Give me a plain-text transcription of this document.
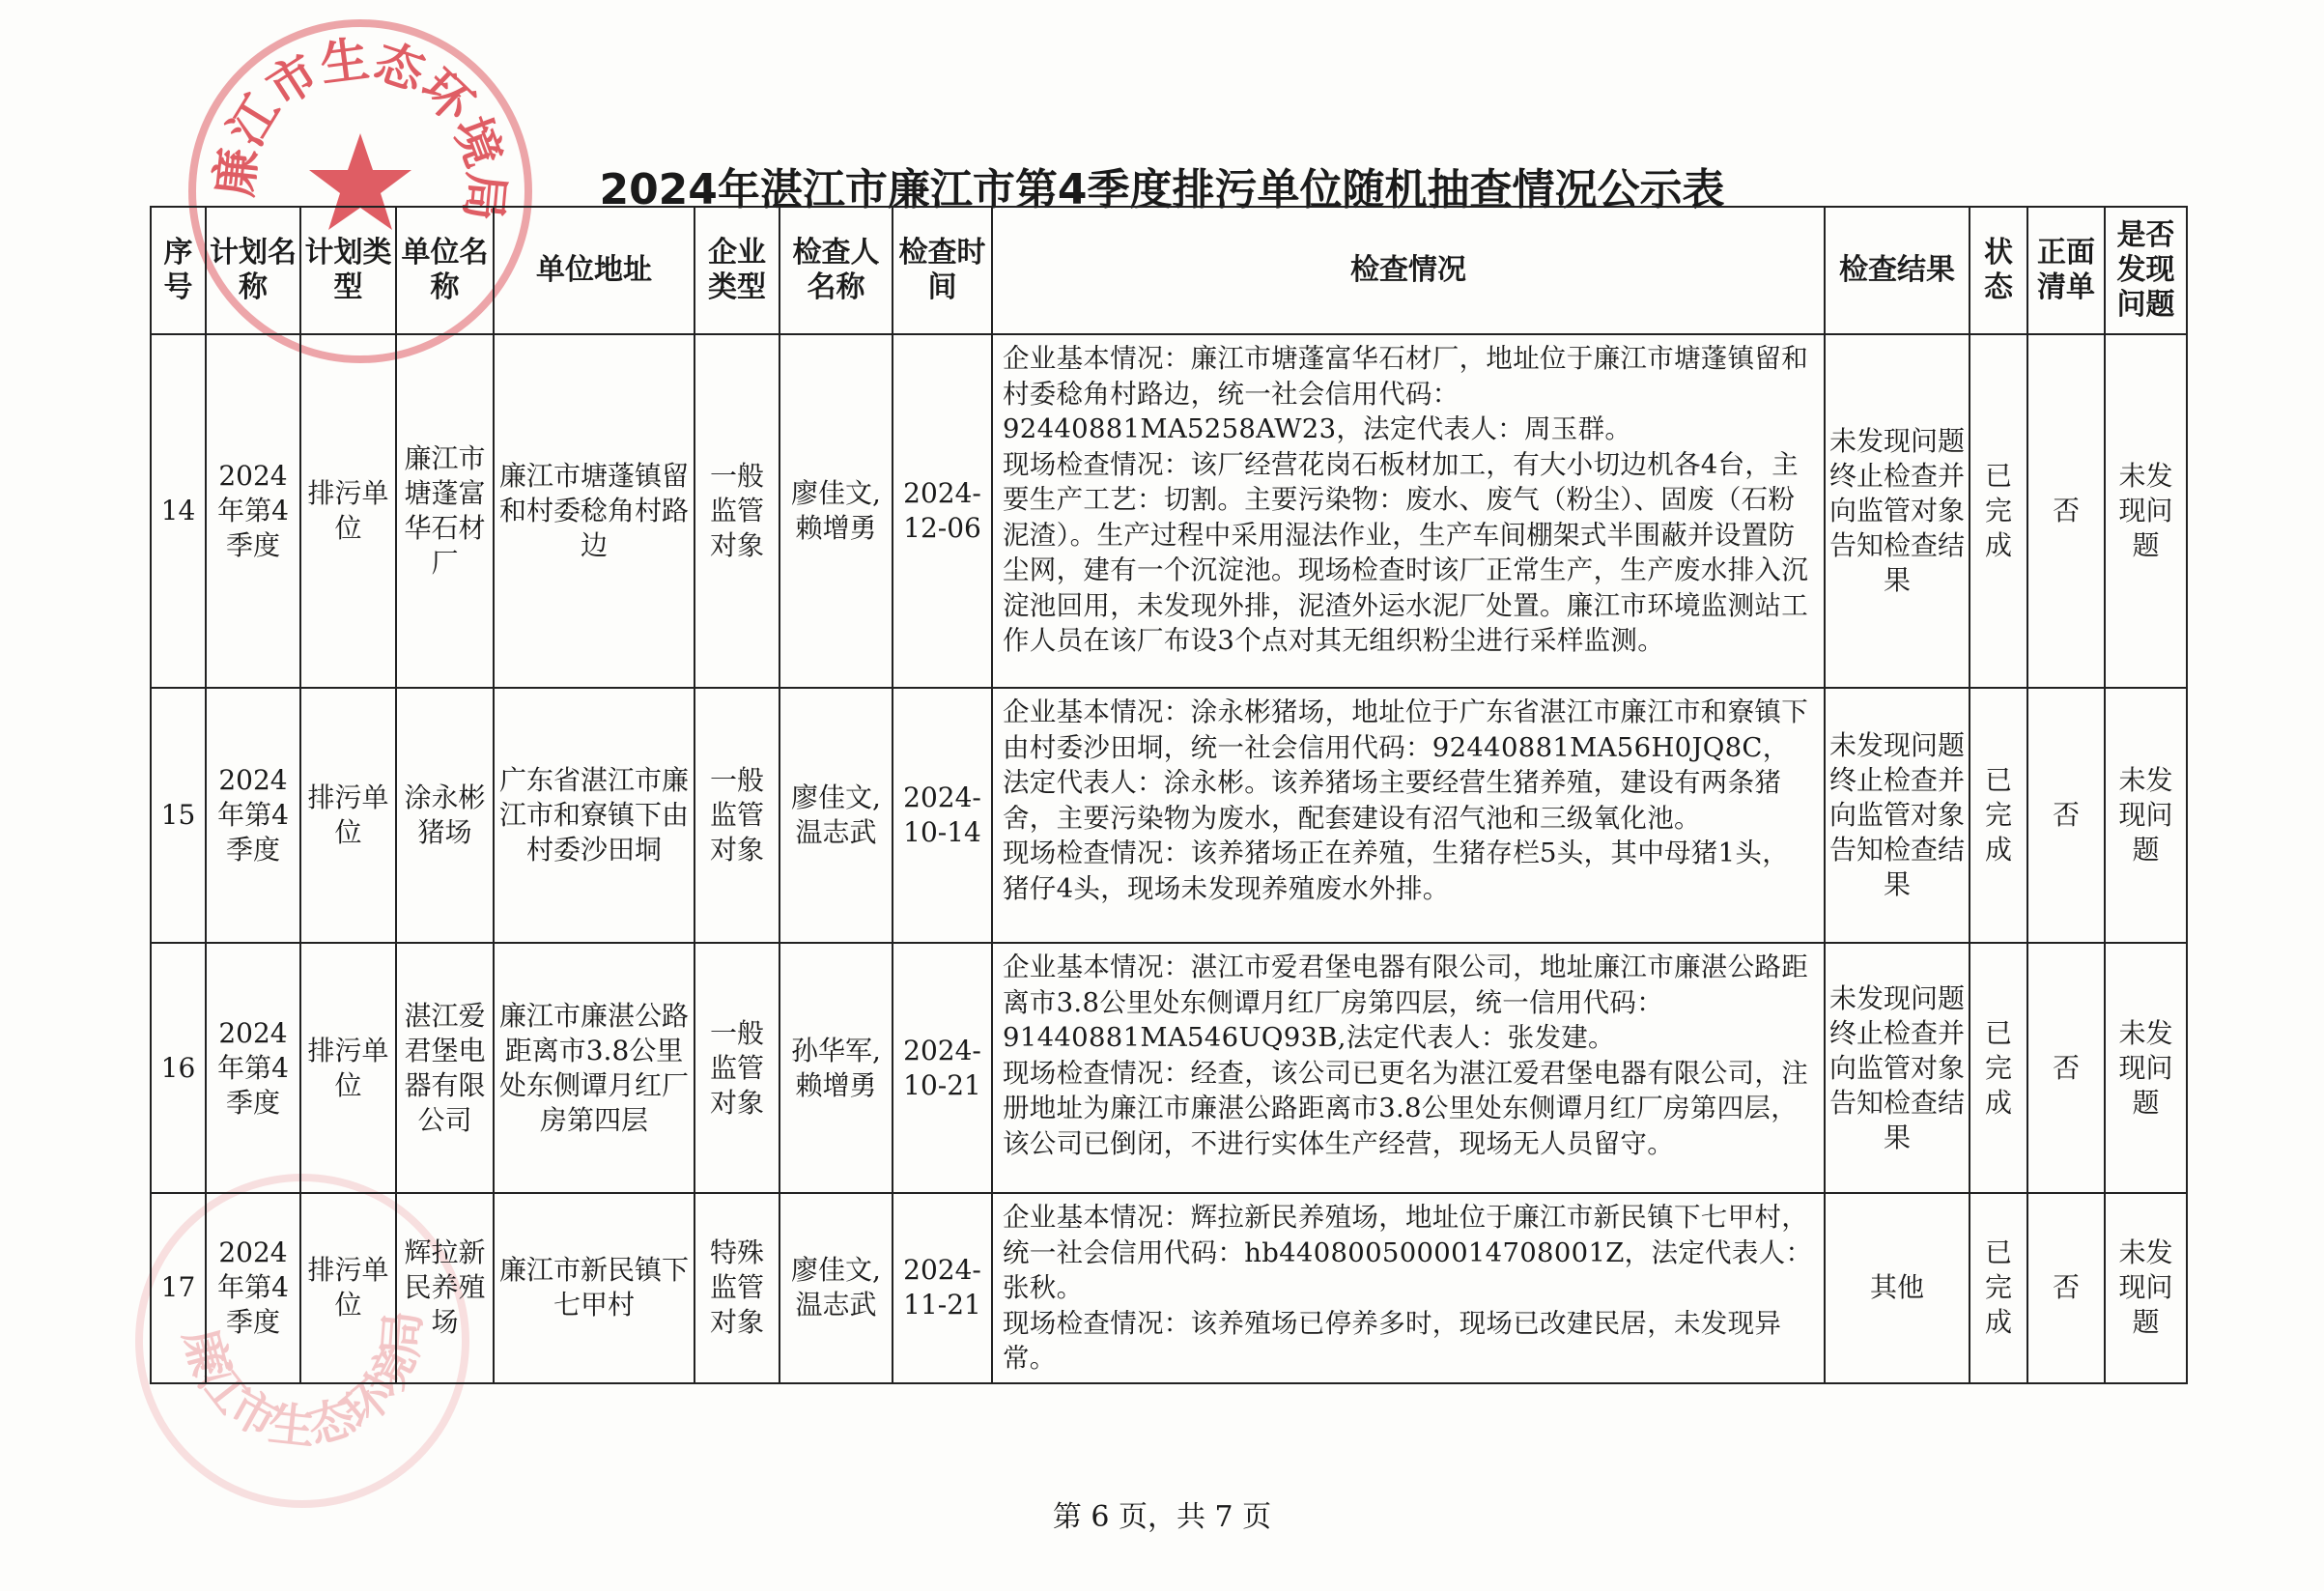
廉江市生态环境局
廉江市生态环境局
2024年湛江市廉江市第4季度排污单位随机抽查情况公示表
序号	计划名称	计划类型	单位名称	单位地址	企业类型	检查人名称	检查时间	检查情况	检查结果	状态	正面清单	是否发现问题
14	2024年第4季度	排污单位	廉江市塘蓬富华石材厂	廉江市塘蓬镇留和村委稔角村路边	一般监管对象	廖佳文,赖增勇	2024-12-06	企业基本情况：廉江市塘蓬富华石材厂，地址位于廉江市塘蓬镇留和村委稔角村路边，统一社会信用代码：92440881MA5258AW23，法定代表人：周玉群。
现场检查情况：该厂经营花岗石板材加工，有大小切边机各4台，主要生产工艺：切割。主要污染物：废水、废气（粉尘）、固废（石粉泥渣）。生产过程中采用湿法作业，生产车间棚架式半围蔽并设置防尘网，建有一个沉淀池。现场检查时该厂正常生产，生产废水排入沉淀池回用，未发现外排，泥渣外运水泥厂处置。廉江市环境监测站工作人员在该厂布设3个点对其无组织粉尘进行采样监测。	未发现问题终止检查并向监管对象告知检查结果	已完成	否	未发现问题

15	2024年第4季度	排污单位	涂永彬猪场	广东省湛江市廉江市和寮镇下由村委沙田垌	一般监管对象	廖佳文,温志武	2024-10-14	企业基本情况：涂永彬猪场，地址位于广东省湛江市廉江市和寮镇下由村委沙田垌，统一社会信用代码：92440881MA56H0JQ8C，法定代表人：涂永彬。该养猪场主要经营生猪养殖，建设有两条猪舍，主要污染物为废水，配套建设有沼气池和三级氧化池。
现场检查情况：该养猪场正在养殖，生猪存栏5头，其中母猪1头，猪仔4头，现场未发现养殖废水外排。	未发现问题终止检查并向监管对象告知检查结果	已完成	否	未发现问题

16	2024年第4季度	排污单位	湛江爱君堡电器有限公司	廉江市廉湛公路距离市3.8公里处东侧谭月红厂房第四层	一般监管对象	孙华军,赖增勇	2024-10-21	企业基本情况：湛江市爱君堡电器有限公司，地址廉江市廉湛公路距离市3.8公里处东侧谭月红厂房第四层，统一信用代码：91440881MA546UQ93B,法定代表人：张发建。
现场检查情况：经查，该公司已更名为湛江爱君堡电器有限公司，注册地址为廉江市廉湛公路距离市3.8公里处东侧谭月红厂房第四层，该公司已倒闭，不进行实体生产经营，现场无人员留守。	未发现问题终止检查并向监管对象告知检查结果	已完成	否	未发现问题

17	2024年第4季度	排污单位	辉拉新民养殖场	廉江市新民镇下七甲村	特殊监管对象	廖佳文,温志武	2024-11-21	企业基本情况：辉拉新民养殖场，地址位于廉江市新民镇下七甲村，统一社会信用代码：hb4408005000014708001Z，法定代表人：张秋。
现场检查情况：该养殖场已停养多时，现场已改建民居，未发现异常。	其他	已完成	否	未发现问题
第 6 页，共 7 页
